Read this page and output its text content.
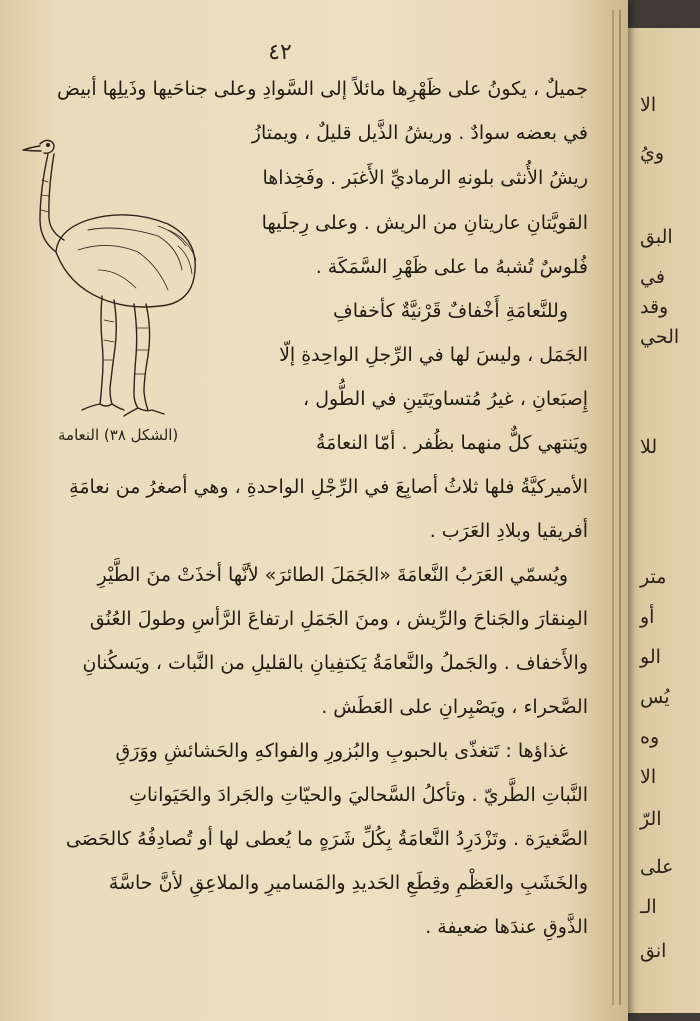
الا
ويُ
البق
في
وقد
الحي
للا
متر
أو
الو
يُس
وه
الا
الرّ
على
الـ
انق
٤٢
(الشكل ٣٨) النعامة
جميلٌ ، يكونُ على ظَهْرِها مائلاً إلى السَّوادِ وعلى جناحَيها وذَيلِها أبيض
في بعضه سوادٌ . وريشُ الذَّيل قليلٌ ، ويمتازُ
ريشُ الأُنثى بلونهِ الرماديِّ الأَغبَر . وفَخِذاها
القويَّتانِ عاريتانِ من الريش . وعلى رِجلَيها
فُلوسٌ تُشبهُ ما على ظَهْرِ السَّمَكَة .
وللنَّعامَةِ أَخْفافٌ قَرْنيَّةٌ كأخفافِ
الجَمَل ، وليسَ لها في الرِّجلِ الواحِدةِ إلّا
إِصبَعانِ ، غيرُ مُتساويَتَينِ في الطُّول ،
ويَنتهي كلٌّ منهما بظُفر . أمّا النعامَةُ
الأميركيَّةُ فلها ثلاثُ أصابِعَ في الرِّجْلِ الواحدةِ ، وهي أصغرُ من نعامَةِ
أفريقيا وبلادِ العَرَب .
ويُسمّي العَرَبُ النَّعامَةَ «الجَمَلَ الطائرَ» لأنَّها أخذَتْ منَ الطَّيْرِ
المِنقارَ والجَناحَ والرِّيش ، ومنَ الجَمَلِ ارتفاعَ الرَّأسِ وطولَ العُنُق
والأَخفاف . والجَملُ والنَّعامَةُ يَكتفِيانِ بالقليلِ من النَّبات ، ويَسكُنانِ
الصَّحراء ، ويَصْبِرانِ على العَطَش .
غذاؤها : تَتغذّى بالحبوبِ والبُزورِ والفواكهِ والحَشائشِ ووَرَقِ
النَّباتِ الطَّريّ . وتأكلُ السَّحاليَ والحيّاتِ والجَرادَ والحَيَواناتِ
الصَّغيرَة . وتَزْدَرِدُ النَّعامَةُ بِكُلِّ شَرَهٍ ما يُعطى لها أو تُصادِفُهُ كالحَصَى
والخَشَبِ والعَظْمِ وقِطَعِ الحَديدِ والمَساميرِ والملاعِقِ لأنَّ حاسَّةَ
الذَّوقِ عندَها ضعيفة .
